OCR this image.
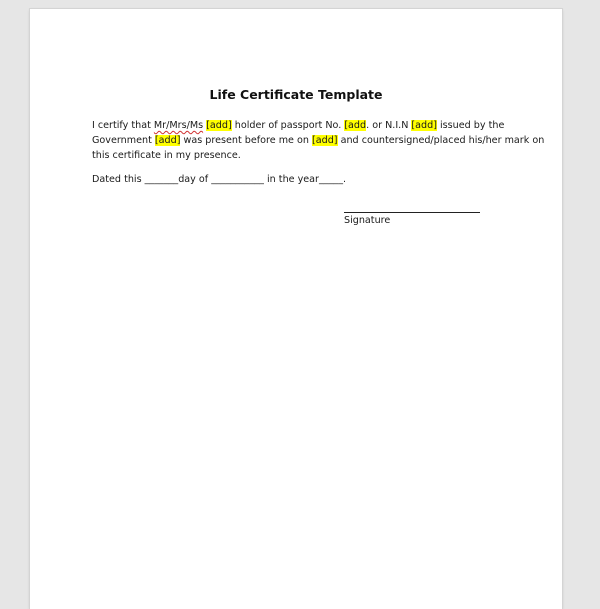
Life Certificate Template
I certify that Mr/Mrs/Ms [add] holder of passport No. [add. or N.I.N [add] issued by the
Government [add] was present before me on [add] and countersigned/placed his/her mark on
this certificate in my presence.
Dated this _______day of ___________ in the year_____.
Signature
